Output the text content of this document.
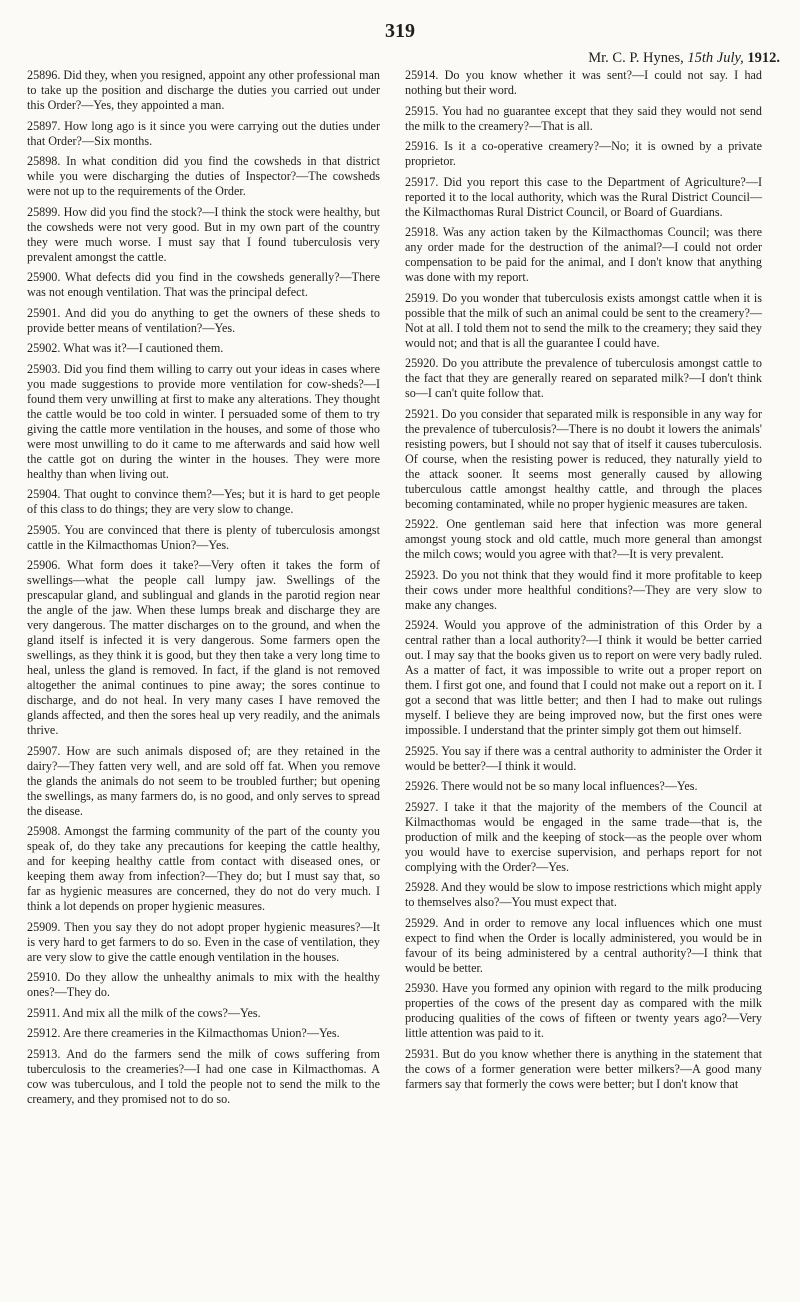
319
Mr. C. P. Hynes, 15th July, 1912.

25896. Did they, when you resigned, appoint any other professional man to take up the position and discharge the duties you carried out under this Order?—Yes, they appointed a man.

25897. How long ago is it since you were carrying out the duties under that Order?—Six months.

25898. In what condition did you find the cowsheds in that district while you were discharging the duties of Inspector?—The cowsheds were not up to the requirements of the Order.

25899. How did you find the stock?—I think the stock were healthy, but the cowsheds were not very good. But in my own part of the country they were much worse. I must say that I found tuberculosis very prevalent amongst the cattle.

25900. What defects did you find in the cowsheds generally?—There was not enough ventilation. That was the principal defect.

25901. And did you do anything to get the owners of these sheds to provide better means of ventilation?—Yes.

25902. What was it?—I cautioned them.

25903. Did you find them willing to carry out your ideas in cases where you made suggestions to provide more ventilation for cow-sheds?—I found them very unwilling at first to make any alterations. They thought the cattle would be too cold in winter. I persuaded some of them to try giving the cattle more ventilation in the houses, and some of those who were most unwilling to do it came to me afterwards and said how well the cattle got on during the winter in the houses. They were more healthy than when living out.

25904. That ought to convince them?—Yes; but it is hard to get people of this class to do things; they are very slow to change.

25905. You are convinced that there is plenty of tuberculosis amongst cattle in the Kilmacthomas Union?—Yes.

25906. What form does it take?—Very often it takes the form of swellings—what the people call lumpy jaw. Swellings of the prescapular gland, and sublingual and glands in the parotid region near the angle of the jaw. When these lumps break and discharge they are very dangerous. The matter discharges on to the ground, and when the gland itself is infected it is very dangerous. Some farmers open the swellings, as they think it is good, but they then take a very long time to heal, unless the gland is removed. In fact, if the gland is not removed altogether the animal continues to pine away; the sores continue to discharge, and do not heal. In very many cases I have removed the glands affected, and then the sores heal up very readily, and the animals thrive.

25907. How are such animals disposed of; are they retained in the dairy?—They fatten very well, and are sold off fat. When you remove the glands the animals do not seem to be troubled further; but opening the swellings, as many farmers do, is no good, and only serves to spread the disease.

25908. Amongst the farming community of the part of the county you speak of, do they take any precautions for keeping the cattle healthy, and for keeping healthy cattle from contact with diseased ones, or keeping them away from infection?—They do; but I must say that, so far as hygienic measures are concerned, they do not do very much. I think a lot depends on proper hygienic measures.

25909. Then you say they do not adopt proper hygienic measures?—It is very hard to get farmers to do so. Even in the case of ventilation, they are very slow to give the cattle enough ventilation in the houses.

25910. Do they allow the unhealthy animals to mix with the healthy ones?—They do.

25911. And mix all the milk of the cows?—Yes.

25912. Are there creameries in the Kilmacthomas Union?—Yes.

25913. And do the farmers send the milk of cows suffering from tuberculosis to the creameries?—I had one case in Kilmacthomas. A cow was tuberculous, and I told the people not to send the milk to the creamery, and they promised not to do so.

25914. Do you know whether it was sent?—I could not say. I had nothing but their word.

25915. You had no guarantee except that they said they would not send the milk to the creamery?—That is all.

25916. Is it a co-operative creamery?—No; it is owned by a private proprietor.

25917. Did you report this case to the Department of Agriculture?—I reported it to the local authority, which was the Rural District Council—the Kilmacthomas Rural District Council, or Board of Guardians.

25918. Was any action taken by the Kilmacthomas Council; was there any order made for the destruction of the animal?—I could not order compensation to be paid for the animal, and I don't know that anything was done with my report.

25919. Do you wonder that tuberculosis exists amongst cattle when it is possible that the milk of such an animal could be sent to the creamery?—Not at all. I told them not to send the milk to the creamery; they said they would not; and that is all the guarantee I could have.

25920. Do you attribute the prevalence of tuberculosis amongst cattle to the fact that they are generally reared on separated milk?—I don't think so—I can't quite follow that.

25921. Do you consider that separated milk is responsible in any way for the prevalence of tuberculosis?—There is no doubt it lowers the animals' resisting powers, but I should not say that of itself it causes tuberculosis. Of course, when the resisting power is reduced, they naturally yield to the attack sooner. It seems most generally caused by allowing tuberculous cattle amongst healthy cattle, and through the places becoming contaminated, while no proper hygienic measures are taken.

25922. One gentleman said here that infection was more general amongst young stock and old cattle, much more general than amongst the milch cows; would you agree with that?—It is very prevalent.

25923. Do you not think that they would find it more profitable to keep their cows under more healthful conditions?—They are very slow to make any changes.

25924. Would you approve of the administration of this Order by a central rather than a local authority?—I think it would be better carried out. I may say that the books given us to report on were very badly ruled. As a matter of fact, it was impossible to write out a proper report on them. I first got one, and found that I could not make out a report on it. I got a second that was little better; and then I had to make out rulings myself. I believe they are being improved now, but the first ones were impossible. I understand that the printer simply got them out himself.

25925. You say if there was a central authority to administer the Order it would be better?—I think it would.

25926. There would not be so many local influences?—Yes.

25927. I take it that the majority of the members of the Council at Kilmacthomas would be engaged in the same trade—that is, the production of milk and the keeping of stock—as the people over whom you would have to exercise supervision, and perhaps report for not complying with the Order?—Yes.

25928. And they would be slow to impose restrictions which might apply to themselves also?—You must expect that.

25929. And in order to remove any local influences which one must expect to find when the Order is locally administered, you would be in favour of its being administered by a central authority?—I think that would be better.

25930. Have you formed any opinion with regard to the milk producing properties of the cows of the present day as compared with the milk producing qualities of the cows of fifteen or twenty years ago?—Very little attention was paid to it.

25931. But do you know whether there is anything in the statement that the cows of a former generation were better milkers?—A good many farmers say that formerly the cows were better; but I don't know that
